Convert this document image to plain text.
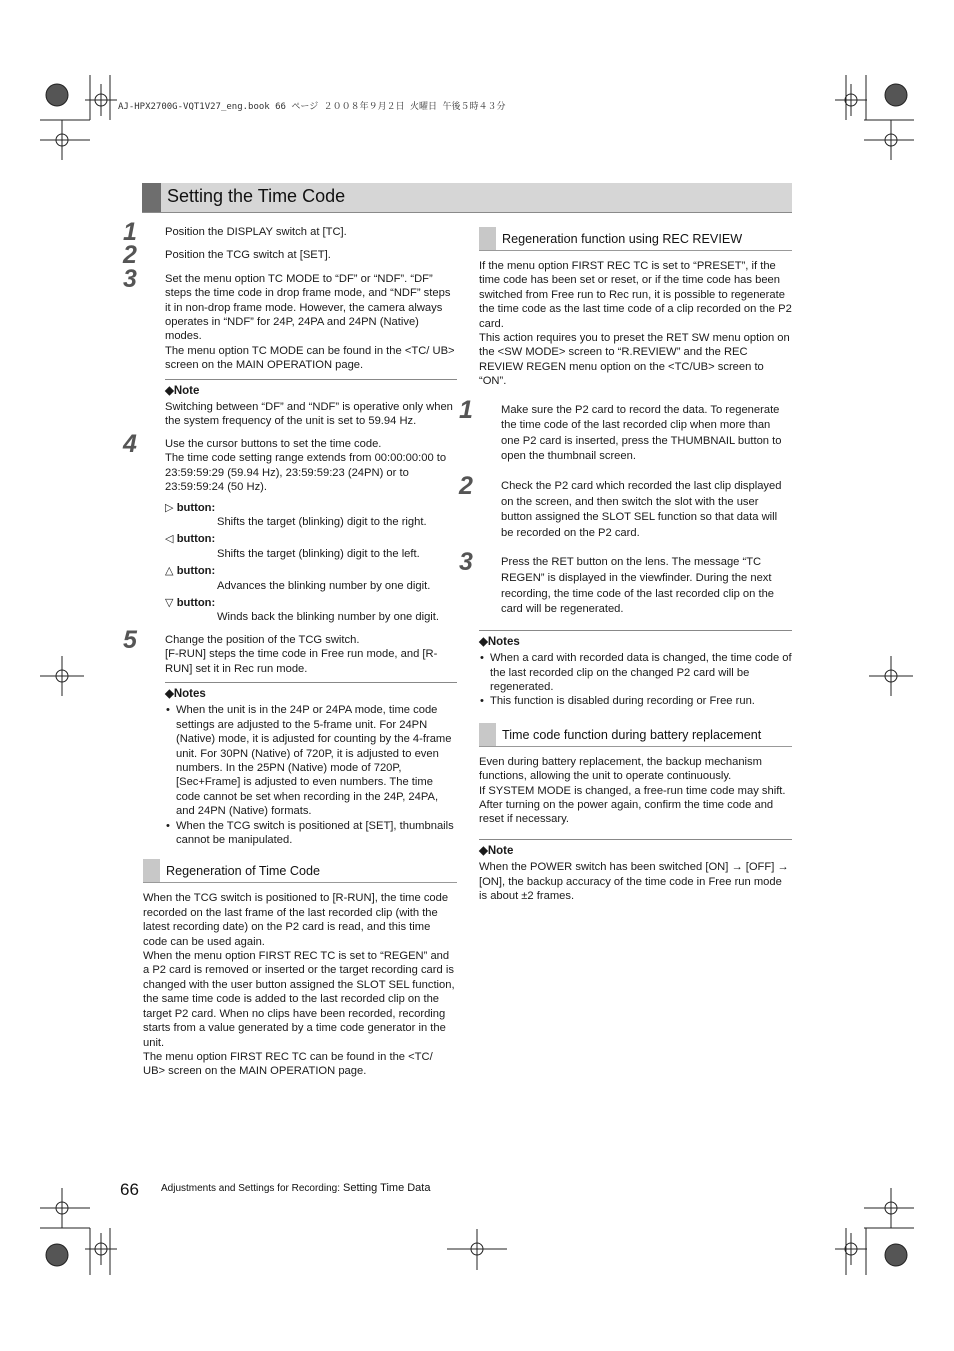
AJ-HPX2700G-VQT1V27_eng.book 66 ページ ２００８年９月２日 火曜日 午後５時４３分
Setting the Time Code
1	Position the DISPLAY switch at [TC].

2	Position the TCG switch at [SET].

3	Set the menu option TC MODE to “DF” or “NDF”. “DF” steps the time code in drop frame mode, and “NDF” steps it in non-drop frame mode. However, the camera always operates in “NDF” for 24P, 24PA and 24PN (Native) modes.

The menu option TC MODE can be found in the <TC/ UB> screen on the MAIN OPERATION page.

◆Note

Switching between “DF” and “NDF” is operative only when the system frequency of the unit is set to 59.94 Hz.

4	Use the cursor buttons to set the time code.

The time code setting range extends from 00:00:00:00 to 23:59:59:29 (59.94 Hz), 23:59:59:23 (24PN) or to 23:59:59:24 (50 Hz).

▷ button:
Shifts the target (blinking) digit to the right.
◁ button:
Shifts the target (blinking) digit to the left.
△ button:
Advances the blinking number by one digit.
▽ button:
Winds back the blinking number by one digit.
5	Change the position of the TCG switch.

[F-RUN] steps the time code in Free run mode, and [R-RUN] set it in Rec run mode.

◆Notes
• When the unit is in the 24P or 24PA mode, time code settings are adjusted to the 5-frame unit. For 24PN (Native) mode, it is adjusted for counting by the 4-frame unit. For 30PN (Native) of 720P, it is adjusted to even numbers. In the 25PN (Native) mode of 720P, [Sec+Frame] is adjusted to even numbers. The time code cannot be set when recording in the 24P, 24PA, and 24PN (Native) formats.
• When the TCG switch is positioned at [SET], thumbnails cannot be manipulated.
Regeneration of Time Code

When the TCG switch is positioned to [R-RUN], the time code recorded on the last frame of the last recorded clip (with the latest recording date) on the P2 card is read, and this time code can be used again.

When the menu option FIRST REC TC is set to “REGEN” and a P2 card is removed or inserted or the target recording card is changed with the user button assigned the SLOT SEL function, the same time code is added to the last recorded clip on the target P2 card. When no clips have been recorded, recording starts from a value generated by a time code generator in the unit.

The menu option FIRST REC TC can be found in the <TC/ UB> screen on the MAIN OPERATION page.

Regeneration function using REC REVIEW

If the menu option FIRST REC TC is set to “PRESET”, if the time code has been set or reset, or if the time code has been switched from Free run to Rec run, it is possible to regenerate the time code as the last time code of a clip recorded on the P2 card.

This action requires you to preset the RET SW menu option on the <SW MODE> screen to “R.REVIEW” and the REC REVIEW REGEN menu option on the <TC/UB> screen to “ON”.

1	Make sure the P2 card to record the data. To regenerate the time code of the last recorded clip when more than one P2 card is inserted, press the THUMBNAIL button to open the thumbnail screen.

2	Check the P2 card which recorded the last clip displayed on the screen, and then switch the slot with the user button assigned the SLOT SEL function so that data will be recorded on the P2 card.

3	Press the RET button on the lens. The message “TC REGEN” is displayed in the viewfinder. During the next recording, the time code of the last recorded clip on the card will be regenerated.

◆Notes
• When a card with recorded data is changed, the time code of the last recorded clip on the changed P2 card will be regenerated.
• This function is disabled during recording or Free run.
Time code function during battery replacement

Even during battery replacement, the backup mechanism functions, allowing the unit to operate continuously.

If SYSTEM MODE is changed, a free-run time code may shift. After turning on the power again, confirm the time code and reset if necessary.

◆Note

When the POWER switch has been switched [ON] → [OFF] → [ON], the backup accuracy of the time code in Free run mode is about ±2 frames.

66 Adjustments and Settings for Recording: Setting Time Data
